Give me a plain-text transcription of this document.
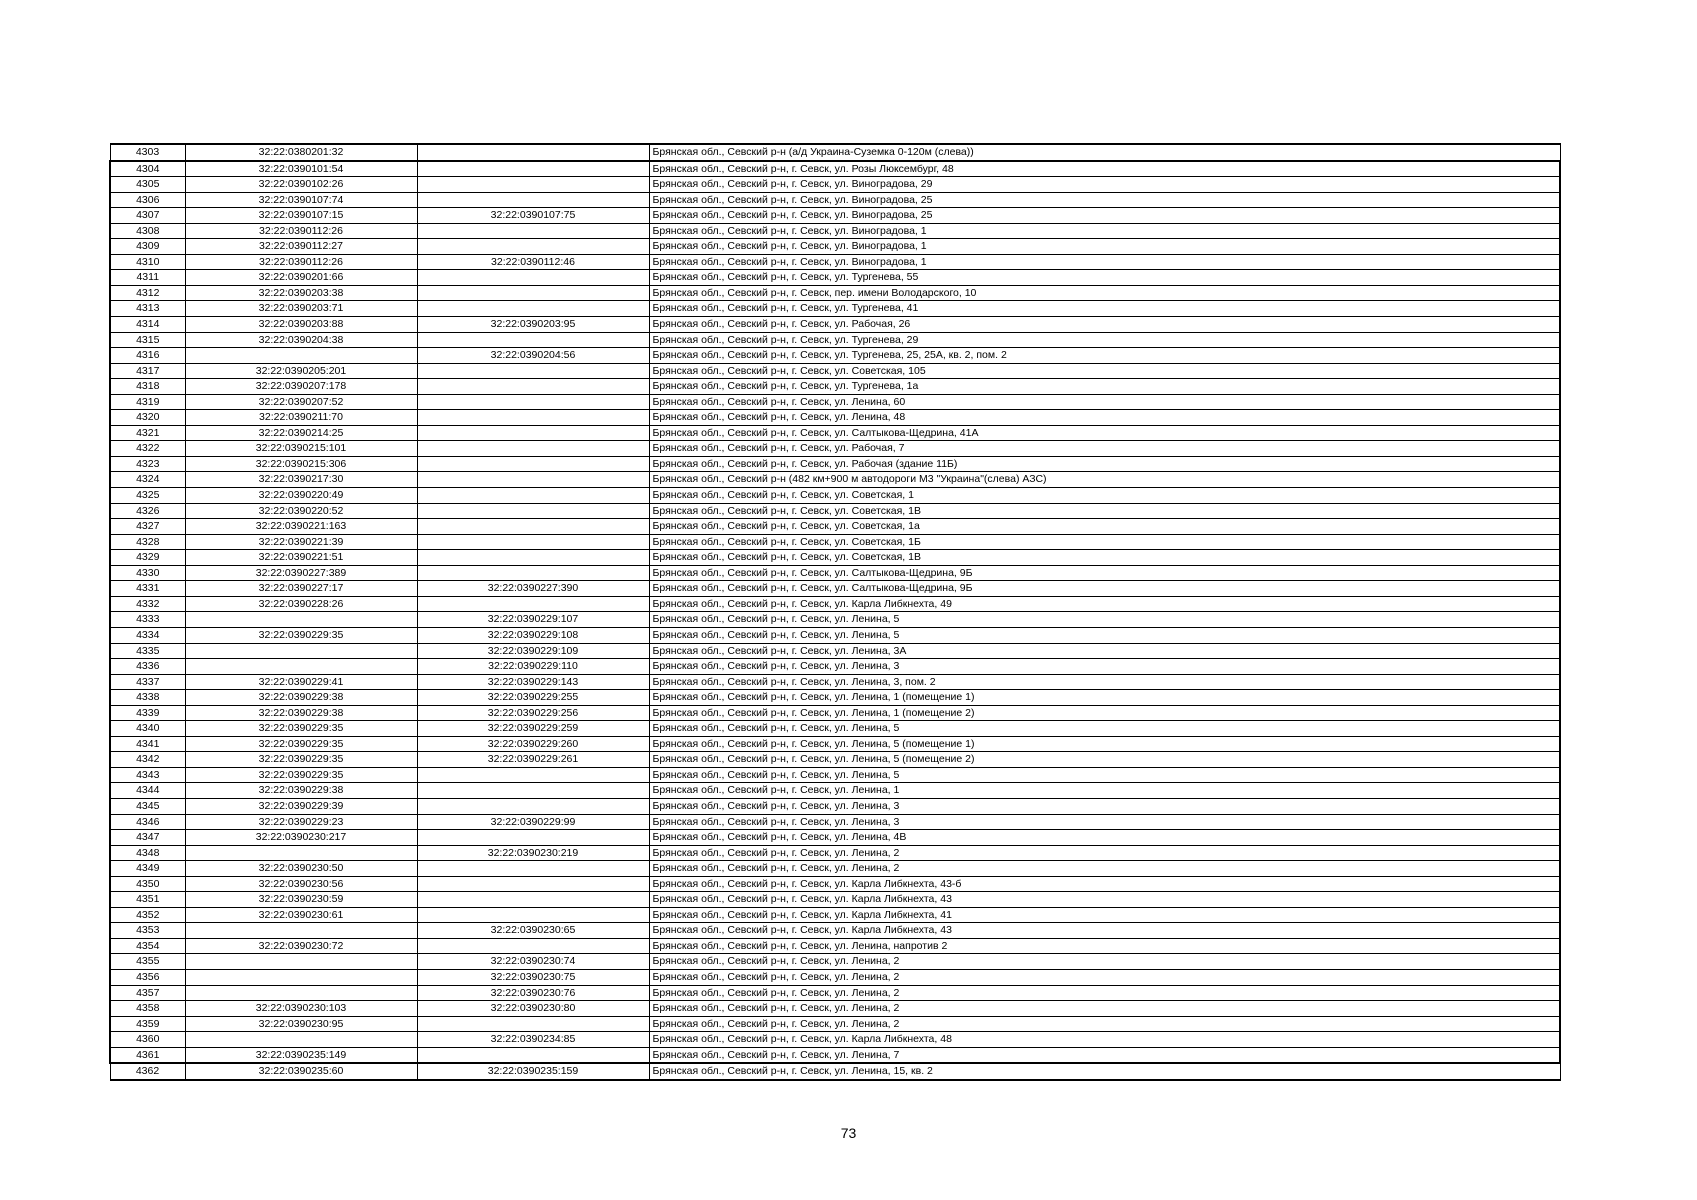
4303	32:22:0380201:32		Брянская обл., Севский р-н (а/д Украина-Суземка 0-120м (слева))
4304	32:22:0390101:54		Брянская обл., Севский р-н, г. Севск, ул. Розы Люксембург, 48
4305	32:22:0390102:26		Брянская обл., Севский р-н, г. Севск, ул. Виноградова, 29
4306	32:22:0390107:74		Брянская обл., Севский р-н, г. Севск, ул. Виноградова, 25
4307	32:22:0390107:15	32:22:0390107:75	Брянская обл., Севский р-н, г. Севск, ул. Виноградова, 25
4308	32:22:0390112:26		Брянская обл., Севский р-н, г. Севск, ул. Виноградова, 1
4309	32:22:0390112:27		Брянская обл., Севский р-н, г. Севск, ул. Виноградова, 1
4310	32:22:0390112:26	32:22:0390112:46	Брянская обл., Севский р-н, г. Севск, ул. Виноградова, 1
4311	32:22:0390201:66		Брянская обл., Севский р-н, г. Севск, ул. Тургенева, 55
4312	32:22:0390203:38		Брянская обл., Севский р-н, г. Севск, пер. имени Володарского, 10
4313	32:22:0390203:71		Брянская обл., Севский р-н, г. Севск, ул. Тургенева, 41
4314	32:22:0390203:88	32:22:0390203:95	Брянская обл., Севский р-н, г. Севск, ул. Рабочая, 26
4315	32:22:0390204:38		Брянская обл., Севский р-н, г. Севск, ул. Тургенева, 29
4316		32:22:0390204:56	Брянская обл., Севский р-н, г. Севск, ул. Тургенева, 25, 25А, кв. 2, пом. 2
4317	32:22:0390205:201		Брянская обл., Севский р-н, г. Севск, ул. Советская, 105
4318	32:22:0390207:178		Брянская обл., Севский р-н, г. Севск, ул. Тургенева, 1а
4319	32:22:0390207:52		Брянская обл., Севский р-н, г. Севск, ул. Ленина, 60
4320	32:22:0390211:70		Брянская обл., Севский р-н, г. Севск, ул. Ленина, 48
4321	32:22:0390214:25		Брянская обл., Севский р-н, г. Севск, ул. Салтыкова-Щедрина, 41А
4322	32:22:0390215:101		Брянская обл., Севский р-н, г. Севск, ул. Рабочая, 7
4323	32:22:0390215:306		Брянская обл., Севский р-н, г. Севск, ул. Рабочая (здание 11Б)
4324	32:22:0390217:30		Брянская обл., Севский р-н (482 км+900 м автодороги М3 "Украина"(слева) АЗС)
4325	32:22:0390220:49		Брянская обл., Севский р-н, г. Севск, ул. Советская, 1
4326	32:22:0390220:52		Брянская обл., Севский р-н, г. Севск, ул. Советская, 1В
4327	32:22:0390221:163		Брянская обл., Севский р-н, г. Севск, ул. Советская, 1а
4328	32:22:0390221:39		Брянская обл., Севский р-н, г. Севск, ул. Советская, 1Б
4329	32:22:0390221:51		Брянская обл., Севский р-н, г. Севск, ул. Советская, 1В
4330	32:22:0390227:389		Брянская обл., Севский р-н, г. Севск, ул. Салтыкова-Щедрина, 9Б
4331	32:22:0390227:17	32:22:0390227:390	Брянская обл., Севский р-н, г. Севск, ул. Салтыкова-Щедрина, 9Б
4332	32:22:0390228:26		Брянская обл., Севский р-н, г. Севск, ул. Карла Либкнехта, 49
4333		32:22:0390229:107	Брянская обл., Севский р-н, г. Севск, ул. Ленина, 5
4334	32:22:0390229:35	32:22:0390229:108	Брянская обл., Севский р-н, г. Севск, ул. Ленина, 5
4335		32:22:0390229:109	Брянская обл., Севский р-н, г. Севск, ул. Ленина, 3А
4336		32:22:0390229:110	Брянская обл., Севский р-н, г. Севск, ул. Ленина, 3
4337	32:22:0390229:41	32:22:0390229:143	Брянская обл., Севский р-н, г. Севск, ул. Ленина, 3, пом. 2
4338	32:22:0390229:38	32:22:0390229:255	Брянская обл., Севский р-н, г. Севск, ул. Ленина, 1 (помещение 1)
4339	32:22:0390229:38	32:22:0390229:256	Брянская обл., Севский р-н, г. Севск, ул. Ленина, 1 (помещение 2)
4340	32:22:0390229:35	32:22:0390229:259	Брянская обл., Севский р-н, г. Севск, ул. Ленина, 5
4341	32:22:0390229:35	32:22:0390229:260	Брянская обл., Севский р-н, г. Севск, ул. Ленина, 5 (помещение 1)
4342	32:22:0390229:35	32:22:0390229:261	Брянская обл., Севский р-н, г. Севск, ул. Ленина, 5 (помещение 2)
4343	32:22:0390229:35		Брянская обл., Севский р-н, г. Севск, ул. Ленина, 5
4344	32:22:0390229:38		Брянская обл., Севский р-н, г. Севск, ул. Ленина, 1
4345	32:22:0390229:39		Брянская обл., Севский р-н, г. Севск, ул. Ленина, 3
4346	32:22:0390229:23	32:22:0390229:99	Брянская обл., Севский р-н, г. Севск, ул. Ленина, 3
4347	32:22:0390230:217		Брянская обл., Севский р-н, г. Севск, ул. Ленина, 4В
4348		32:22:0390230:219	Брянская обл., Севский р-н, г. Севск, ул. Ленина, 2
4349	32:22:0390230:50		Брянская обл., Севский р-н, г. Севск, ул. Ленина, 2
4350	32:22:0390230:56		Брянская обл., Севский р-н, г. Севск, ул. Карла Либкнехта, 43-б
4351	32:22:0390230:59		Брянская обл., Севский р-н, г. Севск, ул. Карла Либкнехта, 43
4352	32:22:0390230:61		Брянская обл., Севский р-н, г. Севск, ул. Карла Либкнехта, 41
4353		32:22:0390230:65	Брянская обл., Севский р-н, г. Севск, ул. Карла Либкнехта, 43
4354	32:22:0390230:72		Брянская обл., Севский р-н, г. Севск, ул. Ленина, напротив 2
4355		32:22:0390230:74	Брянская обл., Севский р-н, г. Севск, ул. Ленина, 2
4356		32:22:0390230:75	Брянская обл., Севский р-н, г. Севск, ул. Ленина, 2
4357		32:22:0390230:76	Брянская обл., Севский р-н, г. Севск, ул. Ленина, 2
4358	32:22:0390230:103	32:22:0390230:80	Брянская обл., Севский р-н, г. Севск, ул. Ленина, 2
4359	32:22:0390230:95		Брянская обл., Севский р-н, г. Севск, ул. Ленина, 2
4360		32:22:0390234:85	Брянская обл., Севский р-н, г. Севск, ул. Карла Либкнехта, 48
4361	32:22:0390235:149		Брянская обл., Севский р-н, г. Севск, ул. Ленина, 7
4362	32:22:0390235:60	32:22:0390235:159	Брянская обл., Севский р-н, г. Севск, ул. Ленина, 15, кв. 2
73
